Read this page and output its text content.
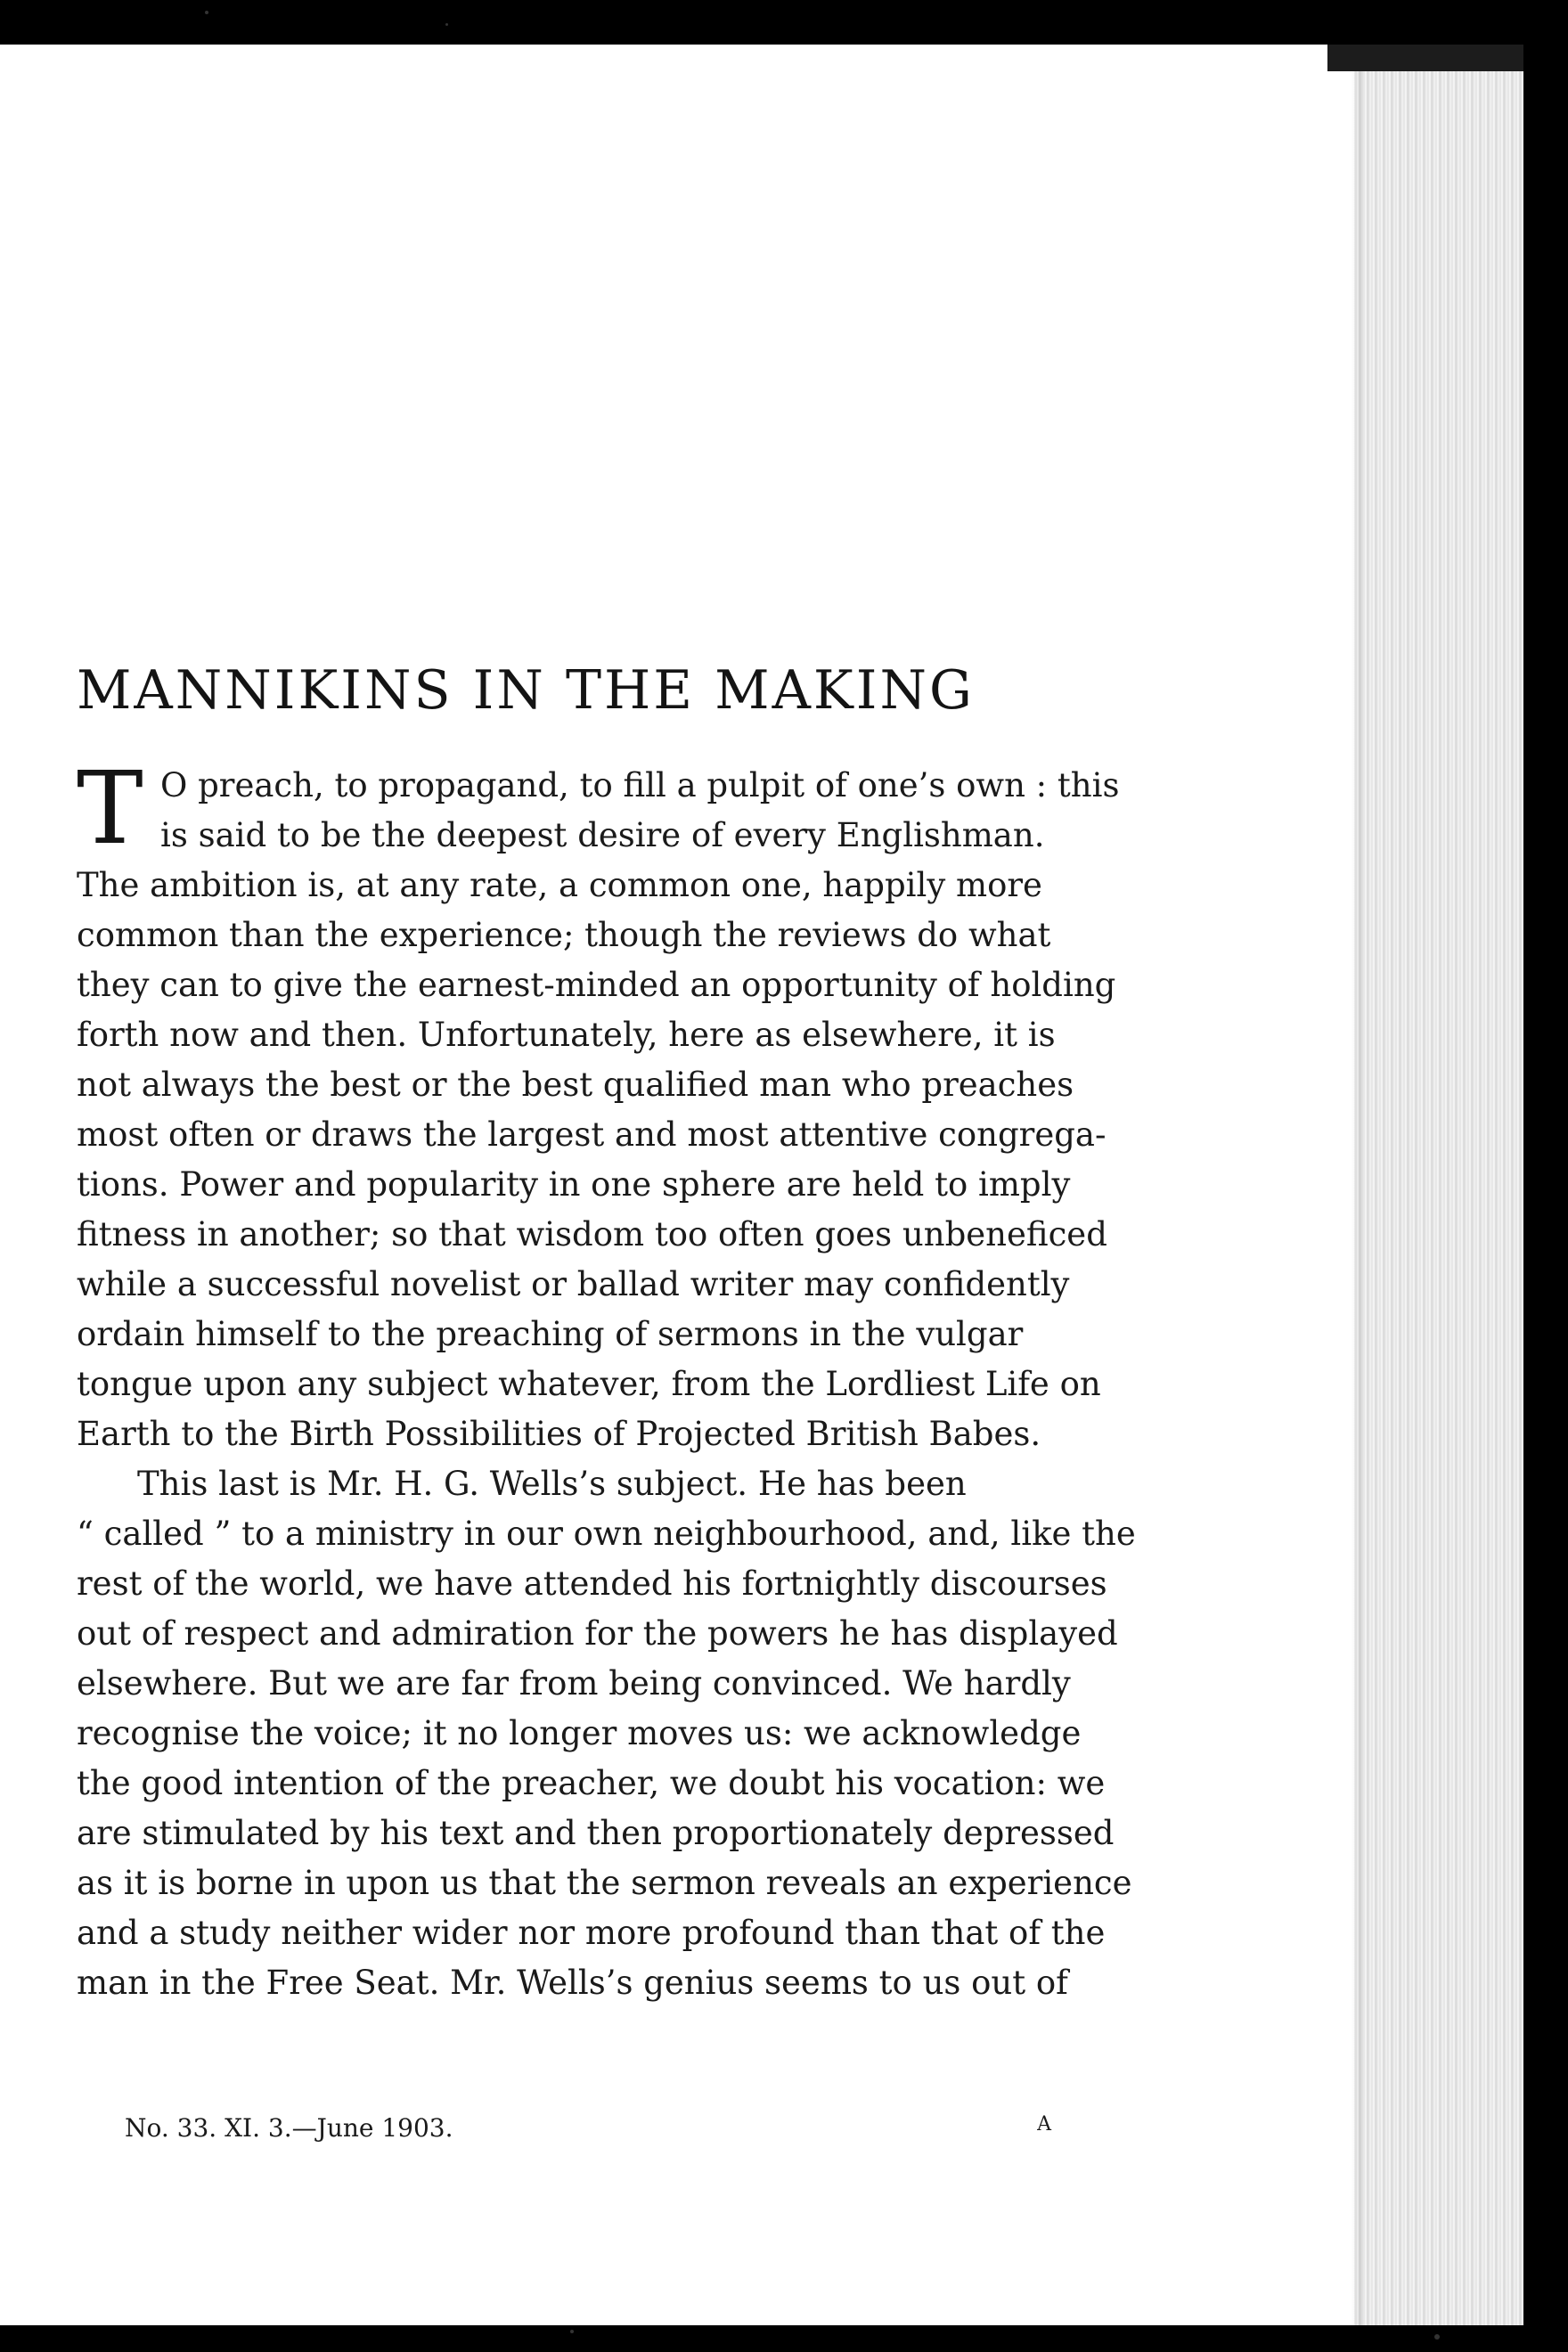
MANNIKINS IN THE MAKING
T O preach, to propagand, to fill a pulpit of one’s own : this
is said to be the deepest desire of every Englishman.
The ambition is, at any rate, a common one, happily more
common than the experience; though the reviews do what
they can to give the earnest-minded an opportunity of holding
forth now and then. Unfortunately, here as elsewhere, it is
not always the best or the best qualified man who preaches
most often or draws the largest and most attentive congrega-
tions. Power and popularity in one sphere are held to imply
fitness in another; so that wisdom too often goes unbeneficed
while a successful novelist or ballad writer may confidently
ordain himself to the preaching of sermons in the vulgar
tongue upon any subject whatever, from the Lordliest Life on
Earth to the Birth Possibilities of Projected British Babes.

This last is Mr. H. G. Wells’s subject. He has been
“ called ” to a ministry in our own neighbourhood, and, like the
rest of the world, we have attended his fortnightly discourses
out of respect and admiration for the powers he has displayed
elsewhere. But we are far from being convinced. We hardly
recognise the voice; it no longer moves us: we acknowledge
the good intention of the preacher, we doubt his vocation: we
are stimulated by his text and then proportionately depressed
as it is borne in upon us that the sermon reveals an experience
and a study neither wider nor more profound than that of the
man in the Free Seat. Mr. Wells’s genius seems to us out of

No. 33. XI. 3.—June 1903.	A
